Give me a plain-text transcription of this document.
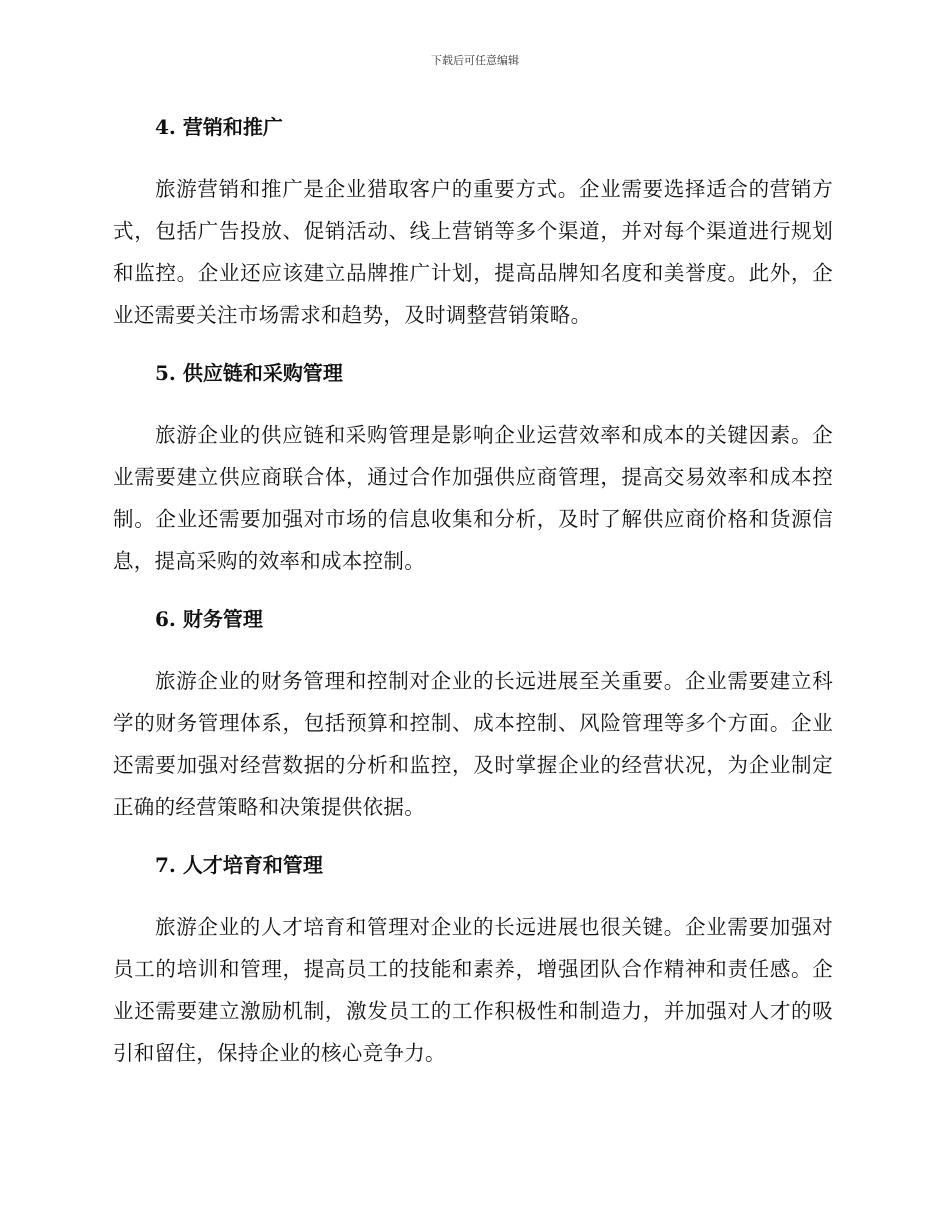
下载后可任意编辑
4. 营销和推广

旅游营销和推广是企业猎取客户的重要方式。企业需要选择适合的营销方式，包括广告投放、促销活动、线上营销等多个渠道，并对每个渠道进行规划和监控。企业还应该建立品牌推广计划，提高品牌知名度和美誉度。此外，企业还需要关注市场需求和趋势，及时调整营销策略。

5. 供应链和采购管理

旅游企业的供应链和采购管理是影响企业运营效率和成本的关键因素。企业需要建立供应商联合体，通过合作加强供应商管理，提高交易效率和成本控制。企业还需要加强对市场的信息收集和分析，及时了解供应商价格和货源信息，提高采购的效率和成本控制。

6. 财务管理

旅游企业的财务管理和控制对企业的长远进展至关重要。企业需要建立科学的财务管理体系，包括预算和控制、成本控制、风险管理等多个方面。企业还需要加强对经营数据的分析和监控，及时掌握企业的经营状况，为企业制定正确的经营策略和决策提供依据。

7. 人才培育和管理

旅游企业的人才培育和管理对企业的长远进展也很关键。企业需要加强对员工的培训和管理，提高员工的技能和素养，增强团队合作精神和责任感。企业还需要建立激励机制，激发员工的工作积极性和制造力，并加强对人才的吸引和留住，保持企业的核心竞争力。
